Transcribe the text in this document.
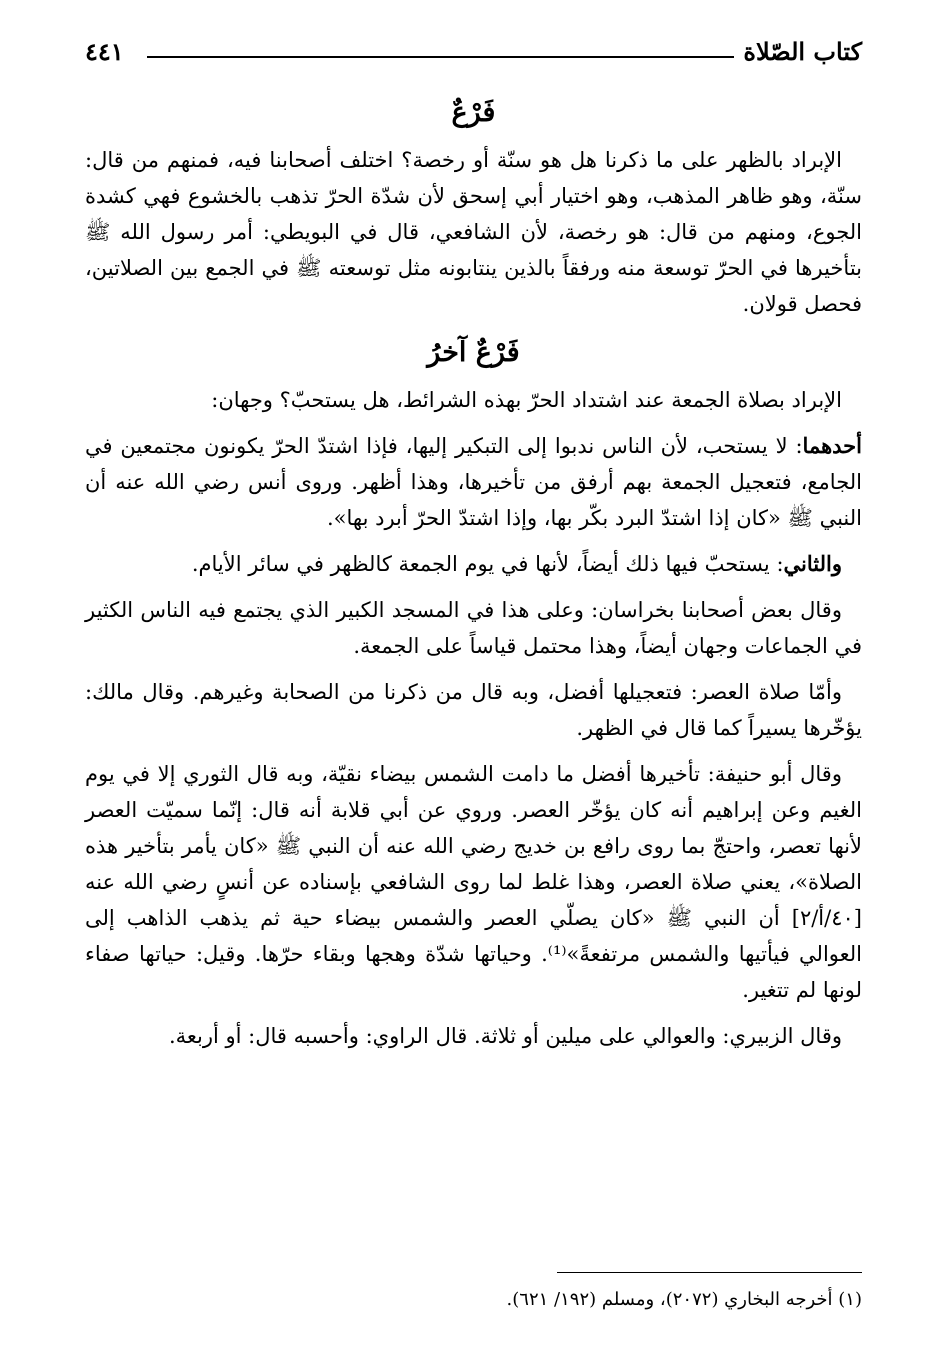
كتاب الصّلاة
٤٤١
فَرْعٌ

الإبراد بالظهر على ما ذكرنا هل هو سنّة أو رخصة؟ اختلف أصحابنا فيه، فمنهم من قال: سنّة، وهو ظاهر المذهب، وهو اختيار أبي إسحق لأن شدّة الحرّ تذهب بالخشوع فهي كشدة الجوع، ومنهم من قال: هو رخصة، لأن الشافعي، قال في البويطي: أمر رسول الله ﷺ بتأخيرها في الحرّ توسعة منه ورفقاً بالذين ينتابونه مثل توسعته ﷺ في الجمع بين الصلاتين، فحصل قولان.

فَرْعٌ آخرُ

الإبراد بصلاة الجمعة عند اشتداد الحرّ بهذه الشرائط، هل يستحبّ؟ وجهان:

أحدهما: لا يستحب، لأن الناس ندبوا إلى التبكير إليها، فإذا اشتدّ الحرّ يكونون مجتمعين في الجامع، فتعجيل الجمعة بهم أرفق من تأخيرها، وهذا أظهر. وروى أنس رضي الله عنه أن النبي ﷺ «كان إذا اشتدّ البرد بكّر بها، وإذا اشتدّ الحرّ أبرد بها».

والثاني: يستحبّ فيها ذلك أيضاً، لأنها في يوم الجمعة كالظهر في سائر الأيام.

وقال بعض أصحابنا بخراسان: وعلى هذا في المسجد الكبير الذي يجتمع فيه الناس الكثير في الجماعات وجهان أيضاً، وهذا محتمل قياساً على الجمعة.

وأمّا صلاة العصر: فتعجيلها أفضل، وبه قال من ذكرنا من الصحابة وغيرهم. وقال مالك: يؤخّرها يسيراً كما قال في الظهر.

وقال أبو حنيفة: تأخيرها أفضل ما دامت الشمس بيضاء نقيّة، وبه قال الثوري إلا في يوم الغيم وعن إبراهيم أنه كان يؤخّر العصر. وروي عن أبي قلابة أنه قال: إنّما سميّت العصر لأنها تعصر، واحتجّ بما روى رافع بن خديج رضي الله عنه أن النبي ﷺ «كان يأمر بتأخير هذه الصلاة»، يعني صلاة العصر، وهذا غلط لما روى الشافعي بإسناده عن أنسٍ رضي الله عنه [٤٠/أ/٢] أن النبي ﷺ «كان يصلّي العصر والشمس بيضاء حية ثم يذهب الذاهب إلى العوالي فيأتيها والشمس مرتفعةً»⁽¹⁾. وحياتها شدّة وهجها وبقاء حرّها. وقيل: حياتها صفاء لونها لم تتغير.

وقال الزبيري: والعوالي على ميلين أو ثلاثة. قال الراوي: وأحسبه قال: أو أربعة.

(١) أخرجه البخاري (٢٠٧٢)، ومسلم (١٩٢/ ٦٢١).
